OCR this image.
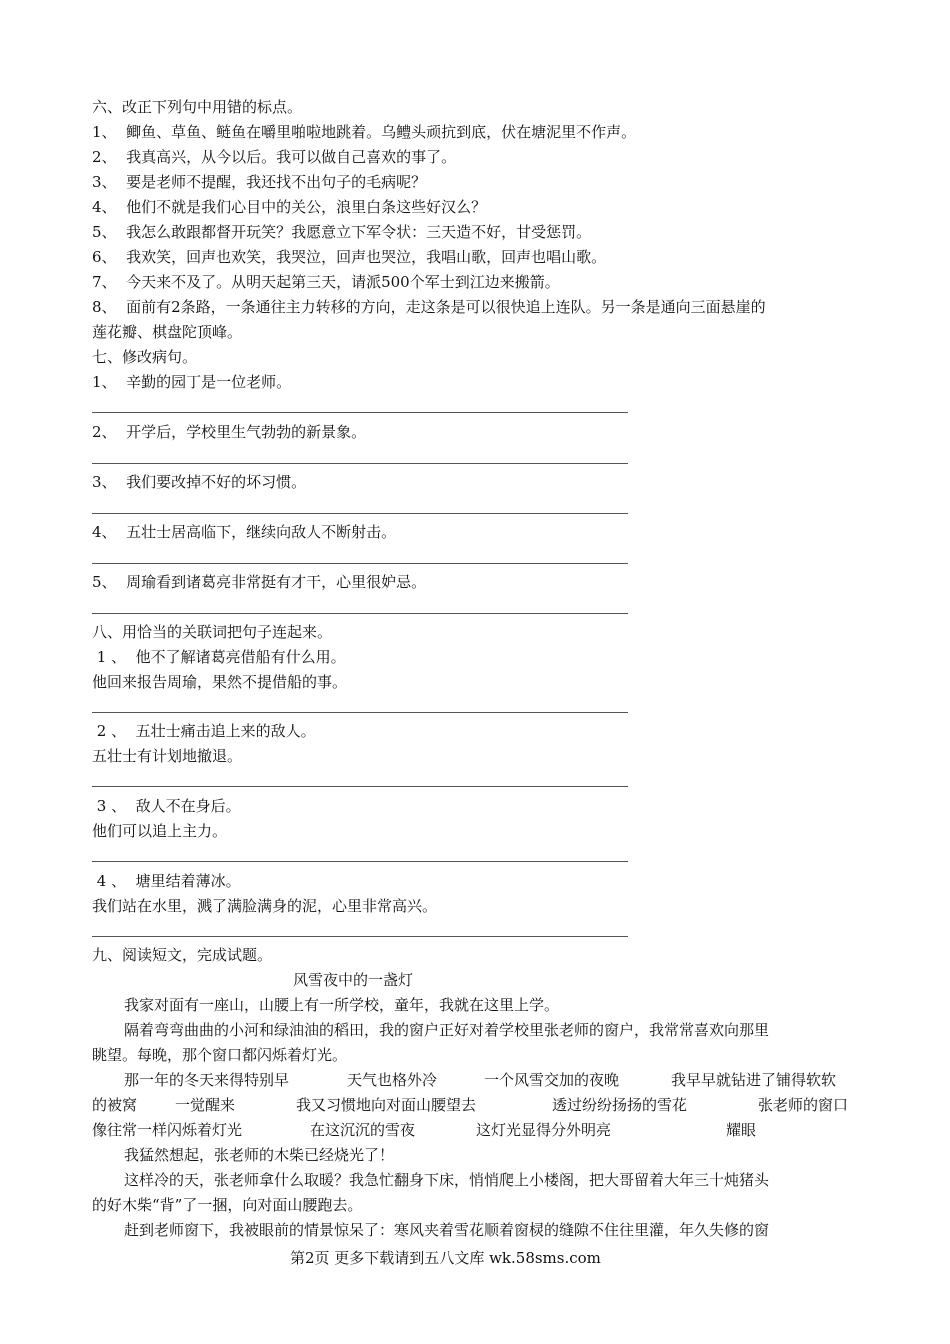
六、改正下列句中用错的标点。
1、  鲫鱼、草鱼、鲢鱼在嚼里啪啦地跳着。乌鳢头顽抗到底，伏在塘泥里不作声。
2、  我真高兴，从今以后。我可以做自己喜欢的事了。
3、  要是老师不提醒，我还找不出句子的毛病呢？
4、  他们不就是我们心目中的关公，浪里白条这些好汉么？
5、  我怎么敢跟都督开玩笑？我愿意立下军令状：三天造不好，甘受惩罚。
6、  我欢笑，回声也欢笑，我哭泣，回声也哭泣，我唱山歌，回声也唱山歌。
7、  今天来不及了。从明天起第三天，请派500个军士到江边来搬箭。
8、  面前有2条路，一条通往主力转移的方向，走这条是可以很快追上连队。另一条是通向三面悬崖的
莲花瓣、棋盘陀顶峰。
七、修改病句。
1、  辛勤的园丁是一位老师。
2、  开学后，学校里生气勃勃的新景象。
3、  我们要改掉不好的坏习惯。
4、  五壮士居高临下，继续向敌人不断射击。
5、  周瑜看到诸葛亮非常挺有才干，心里很妒忌。
八、用恰当的关联词把句子连起来。
1 、  他不了解诸葛亮借船有什么用。
他回来报告周瑜，果然不提借船的事。
2 、  五壮士痛击追上来的敌人。
五壮士有计划地撤退。
3 、  敌人不在身后。
他们可以追上主力。
4 、  塘里结着薄冰。
我们站在水里，溅了满脸满身的泥，心里非常高兴。
九、阅读短文，完成试题。
风雪夜中的一盏灯
我家对面有一座山，山腰上有一所学校，童年，我就在这里上学。
隔着弯弯曲曲的小河和绿油油的稻田，我的窗户正好对着学校里张老师的窗户，我常常喜欢向那里
眺望。每晚，那个窗口都闪烁着灯光。
那一年的冬天来得特别早	天气也格外冷	一个风雪交加的夜晚	我早早就钻进了铺得软软
的被窝	一觉醒来	我又习惯地向对面山腰望去	透过纷纷扬扬的雪花	张老师的窗口
像往常一样闪烁着灯光	在这沉沉的雪夜	这灯光显得分外明亮	耀眼
我猛然想起，张老师的木柴已经烧光了！
这样冷的天，张老师拿什么取暖？我急忙翻身下床，悄悄爬上小楼阁，把大哥留着大年三十炖猪头
的好木柴“背”了一捆，向对面山腰跑去。
赶到老师窗下，我被眼前的情景惊呆了：寒风夹着雪花顺着窗棂的缝隙不住往里灌，年久失修的窗
第2页 更多下载请到五八文库 wk.58sms.com
